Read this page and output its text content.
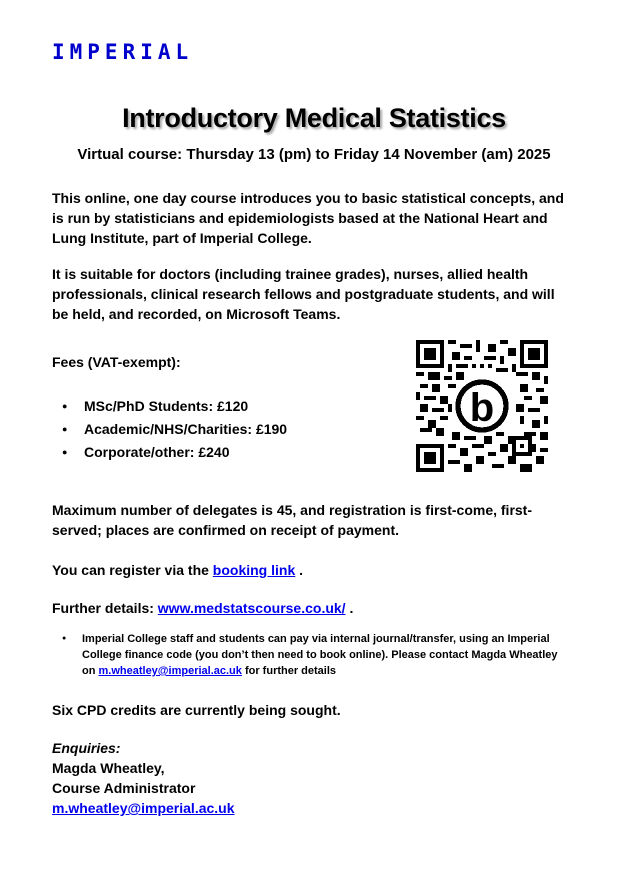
IMPERIAL
Introductory Medical Statistics
Virtual course: Thursday 13 (pm) to Friday 14 November (am) 2025
This online, one day course introduces you to basic statistical concepts, and is run by statisticians and epidemiologists based at the National Heart and Lung Institute, part of Imperial College.
It is suitable for doctors (including trainee grades), nurses, allied health professionals, clinical research fellows and postgraduate students, and will be held, and recorded, on Microsoft Teams.
Fees (VAT-exempt):
● MSc/PhD Students: £120
● Academic/NHS/Charities: £190
● Corporate/other: £240
b
Maximum number of delegates is 45, and registration is first-come, first-served; places are confirmed on receipt of payment.
You can register via the booking link .
Further details: www.medstatscourse.co.uk/ .
● Imperial College staff and students can pay via internal journal/transfer, using an Imperial College finance code (you don’t then need to book online). Please contact Magda Wheatley on m.wheatley@imperial.ac.uk for further details
Six CPD credits are currently being sought.
Enquiries:
Magda Wheatley,
Course Administrator
m.wheatley@imperial.ac.uk
